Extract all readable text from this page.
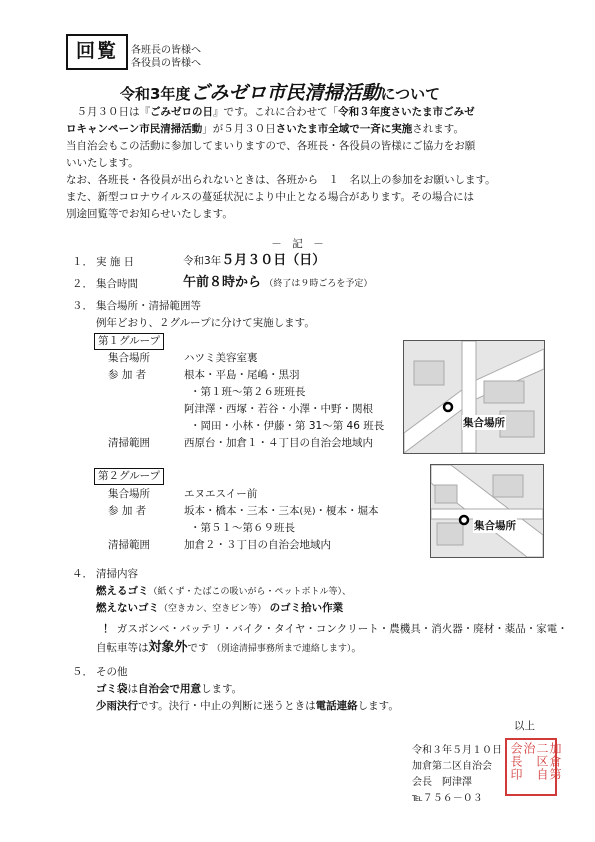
回覧	各班長の皆様へ
各役員の皆様へ
令和3年度ごみゼロ市民清掃活動について
　５月３０日は『ごみゼロの日』です。これに合わせて「令和３年度さいたま市ごみゼ
ロキャンペーン市民清掃活動」が５月３０日さいたま市全域で一斉に実施されます。
当自治会もこの活動に参加してまいりますので、各班長・各役員の皆様にご協力をお願
いいたします。
なお、各班長・各役員が出られないときは、各班から　１　名以上の参加をお願いします。
また、新型コロナウイルスの蔓延状況により中止となる場合があります。その場合には
別途回覧等でお知らせいたします。
－　記　－
１． 実 施 日	令和3年５月３０日（日）
２． 集合時間	午前８時から （終了は９時ごろを予定）
３． 集合場所・清掃範囲等
例年どおり、２グループに分けて実施します。
第１グループ
集合場所	ハツミ美容室裏
参 加 者	根本・平島・尾嶋・黒羽
・第１班～第２６班班長
阿津澤・西塚・若谷・小澤・中野・関根
・岡田・小林・伊藤・第 31～第 46 班長
清掃範囲	西原台・加倉１・４丁目の自治会地域内
集合場所
第２グループ
集合場所	エヌエスイー前
参 加 者	坂本・橋本・三本・三本(晃)・榎本・堀本
・第５１～第６９班長
清掃範囲	加倉２・３丁目の自治会地域内
集合場所
４． 清掃内容
燃えるゴミ（紙くず・たばこの吸いがら・ペットボトル等）、
燃えないゴミ（空きカン、空きビン等） のゴミ拾い作業
！ ガスボンベ・バッテリ・バイク・タイヤ・コンクリート・農機具・消火器・廃材・薬品・家電・
自転車等は対象外です （別途清掃事務所まで連絡します）。
５． その他
ゴミ袋は自治会で用意します。
少雨決行です。決行・中止の判断に迷うときは電話連絡します。
以上
令和３年５月１０日
加倉第二区自治会
会長　阿津澤
℡７５６－０３
加倉第
二区自治
会長印
